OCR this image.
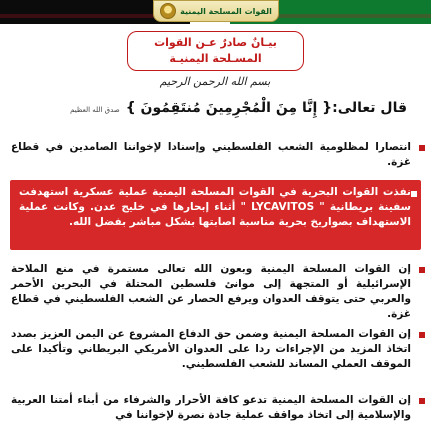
القوات المسلحة اليمنية
بيـانٌ صادرٌ عـن القوات
المسـلحة اليمنيـة
بسم الله الرحمن الرحيم
قال تعالى:{ إِنَّا مِنَ الْمُجْرِمِينَ مُنتَقِمُونَ }
صدق الله العظيم
انتصارا لمظلومية الشعب الفلسطيني وإسنادا لإخواننا الصامدين في قطاع غزة.
نفذت القوات البحرية في القوات المسلحة اليمنية عملية عسكرية استهدفت سفينة بريطانية " LYCAVITOS " أثناء إبحارها في خليج عدن. وكانت عملية الاستهداف بصواريخ بحرية مناسبة اصابتها بشكل مباشر بفضل الله.
إن القوات المسلحة اليمنية وبعون الله تعالى مستمرة في منع الملاحة الإسرائيلية أو المتجهة إلى موانئ فلسطين المحتلة في البحرين الأحمر والعربي حتى يتوقف العدوان ويرفع الحصار عن الشعب الفلسطيني في قطاع غزة.
إن القوات المسلحة اليمنية وضمن حق الدفاع المشروع عن اليمن العزيز بصدد اتخاذ المزيد من الإجراءات ردا على العدوان الأمريكي البريطاني وتأكيدا على الموقف العملي المساند للشعب الفلسطيني.
إن القوات المسلحة اليمنية تدعو كافة الأحرار والشرفاء من أبناء أمتنا العربية والإسلامية إلى اتخاذ مواقف عملية جادة نصرة لإخواننا في
